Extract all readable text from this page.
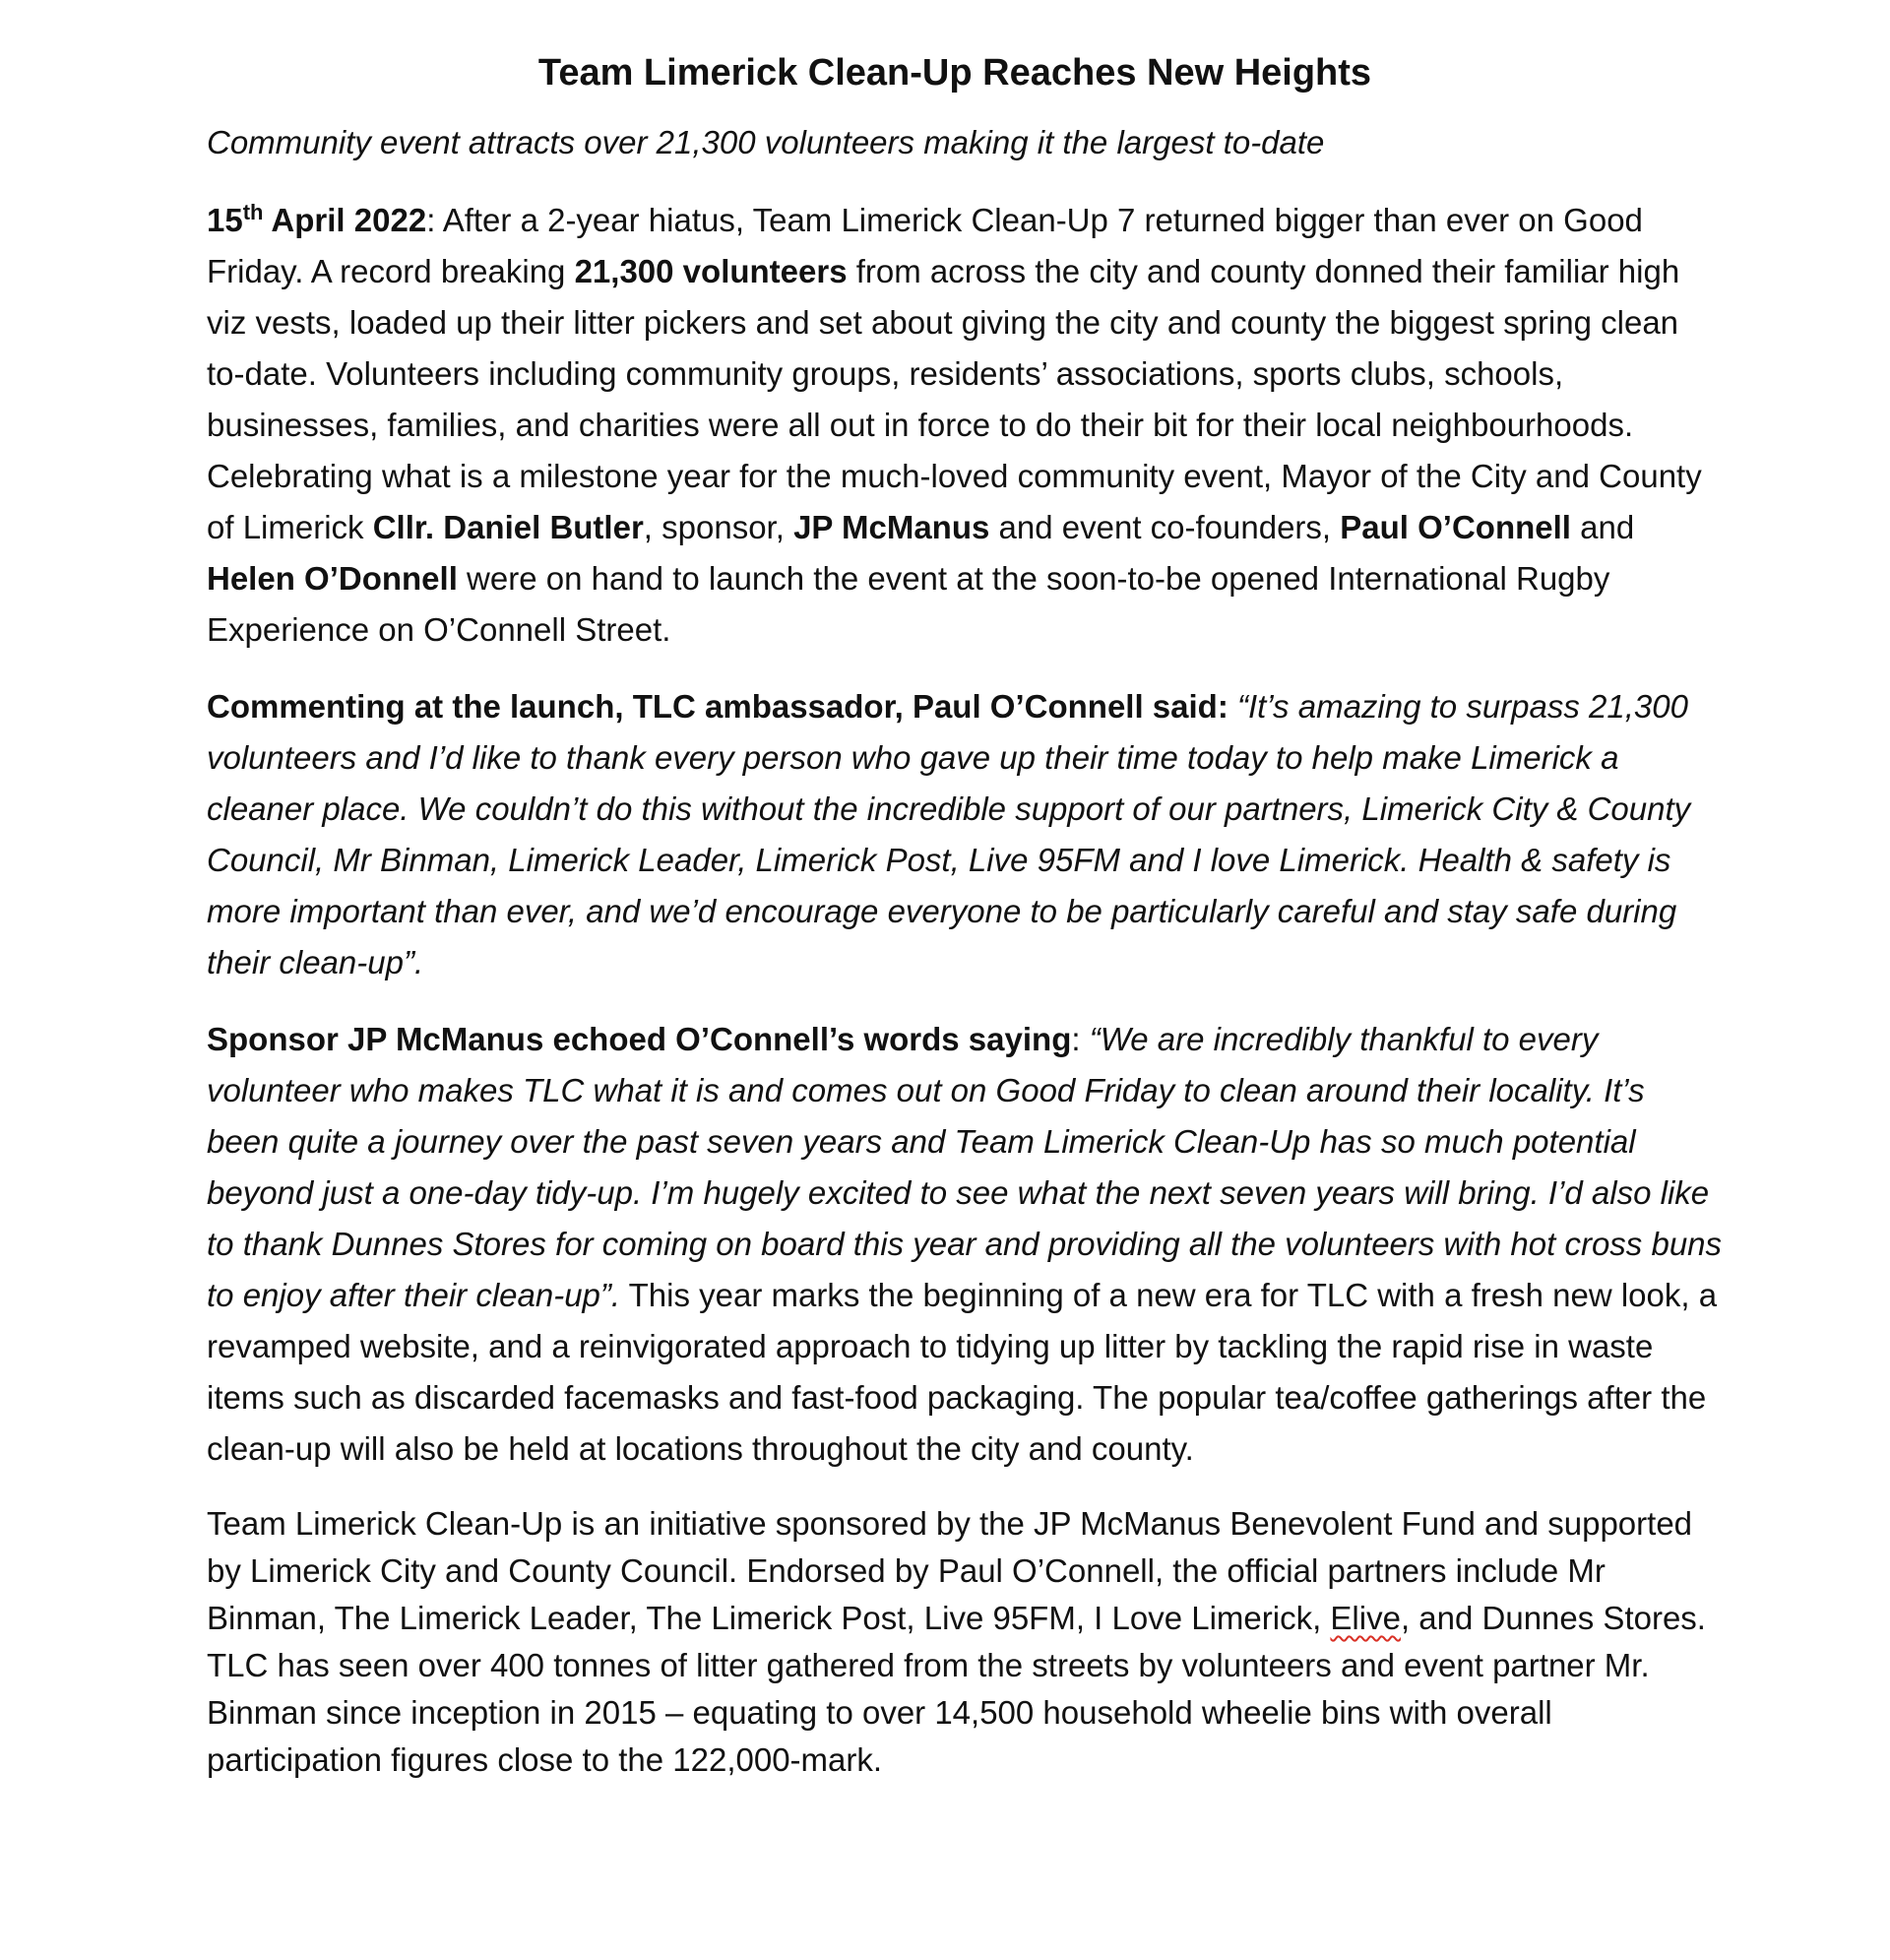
Team Limerick Clean-Up Reaches New Heights

Community event attracts over 21,300 volunteers making it the largest to-date

15th April 2022: After a 2-year hiatus, Team Limerick Clean-Up 7 returned bigger than ever on Good Friday. A record breaking 21,300 volunteers from across the city and county donned their familiar high viz vests, loaded up their litter pickers and set about giving the city and county the biggest spring clean to-date. Volunteers including community groups, residents’ associations, sports clubs, schools, businesses, families, and charities were all out in force to do their bit for their local neighbourhoods. Celebrating what is a milestone year for the much-loved community event, Mayor of the City and County of Limerick Cllr. Daniel Butler, sponsor, JP McManus and event co-founders, Paul O’Connell and Helen O’Donnell were on hand to launch the event at the soon-to-be opened International Rugby Experience on O’Connell Street.

Commenting at the launch, TLC ambassador, Paul O’Connell said: “It’s amazing to surpass 21,300 volunteers and I’d like to thank every person who gave up their time today to help make Limerick a cleaner place. We couldn’t do this without the incredible support of our partners, Limerick City & County Council, Mr Binman, Limerick Leader, Limerick Post, Live 95FM and I love Limerick. Health & safety is more important than ever, and we’d encourage everyone to be particularly careful and stay safe during their clean-up”.

Sponsor JP McManus echoed O’Connell’s words saying: “We are incredibly thankful to every volunteer who makes TLC what it is and comes out on Good Friday to clean around their locality. It’s been quite a journey over the past seven years and Team Limerick Clean-Up has so much potential beyond just a one-day tidy-up. I’m hugely excited to see what the next seven years will bring. I’d also like to thank Dunnes Stores for coming on board this year and providing all the volunteers with hot cross buns to enjoy after their clean-up”. This year marks the beginning of a new era for TLC with a fresh new look, a revamped website, and a reinvigorated approach to tidying up litter by tackling the rapid rise in waste items such as discarded facemasks and fast-food packaging. The popular tea/coffee gatherings after the clean-up will also be held at locations throughout the city and county.

Team Limerick Clean-Up is an initiative sponsored by the JP McManus Benevolent Fund and supported by Limerick City and County Council. Endorsed by Paul O’Connell, the official partners include Mr Binman, The Limerick Leader, The Limerick Post, Live 95FM, I Love Limerick, Elive, and Dunnes Stores. TLC has seen over 400 tonnes of litter gathered from the streets by volunteers and event partner Mr. Binman since inception in 2015 – equating to over 14,500 household wheelie bins with overall participation figures close to the 122,000-mark.
